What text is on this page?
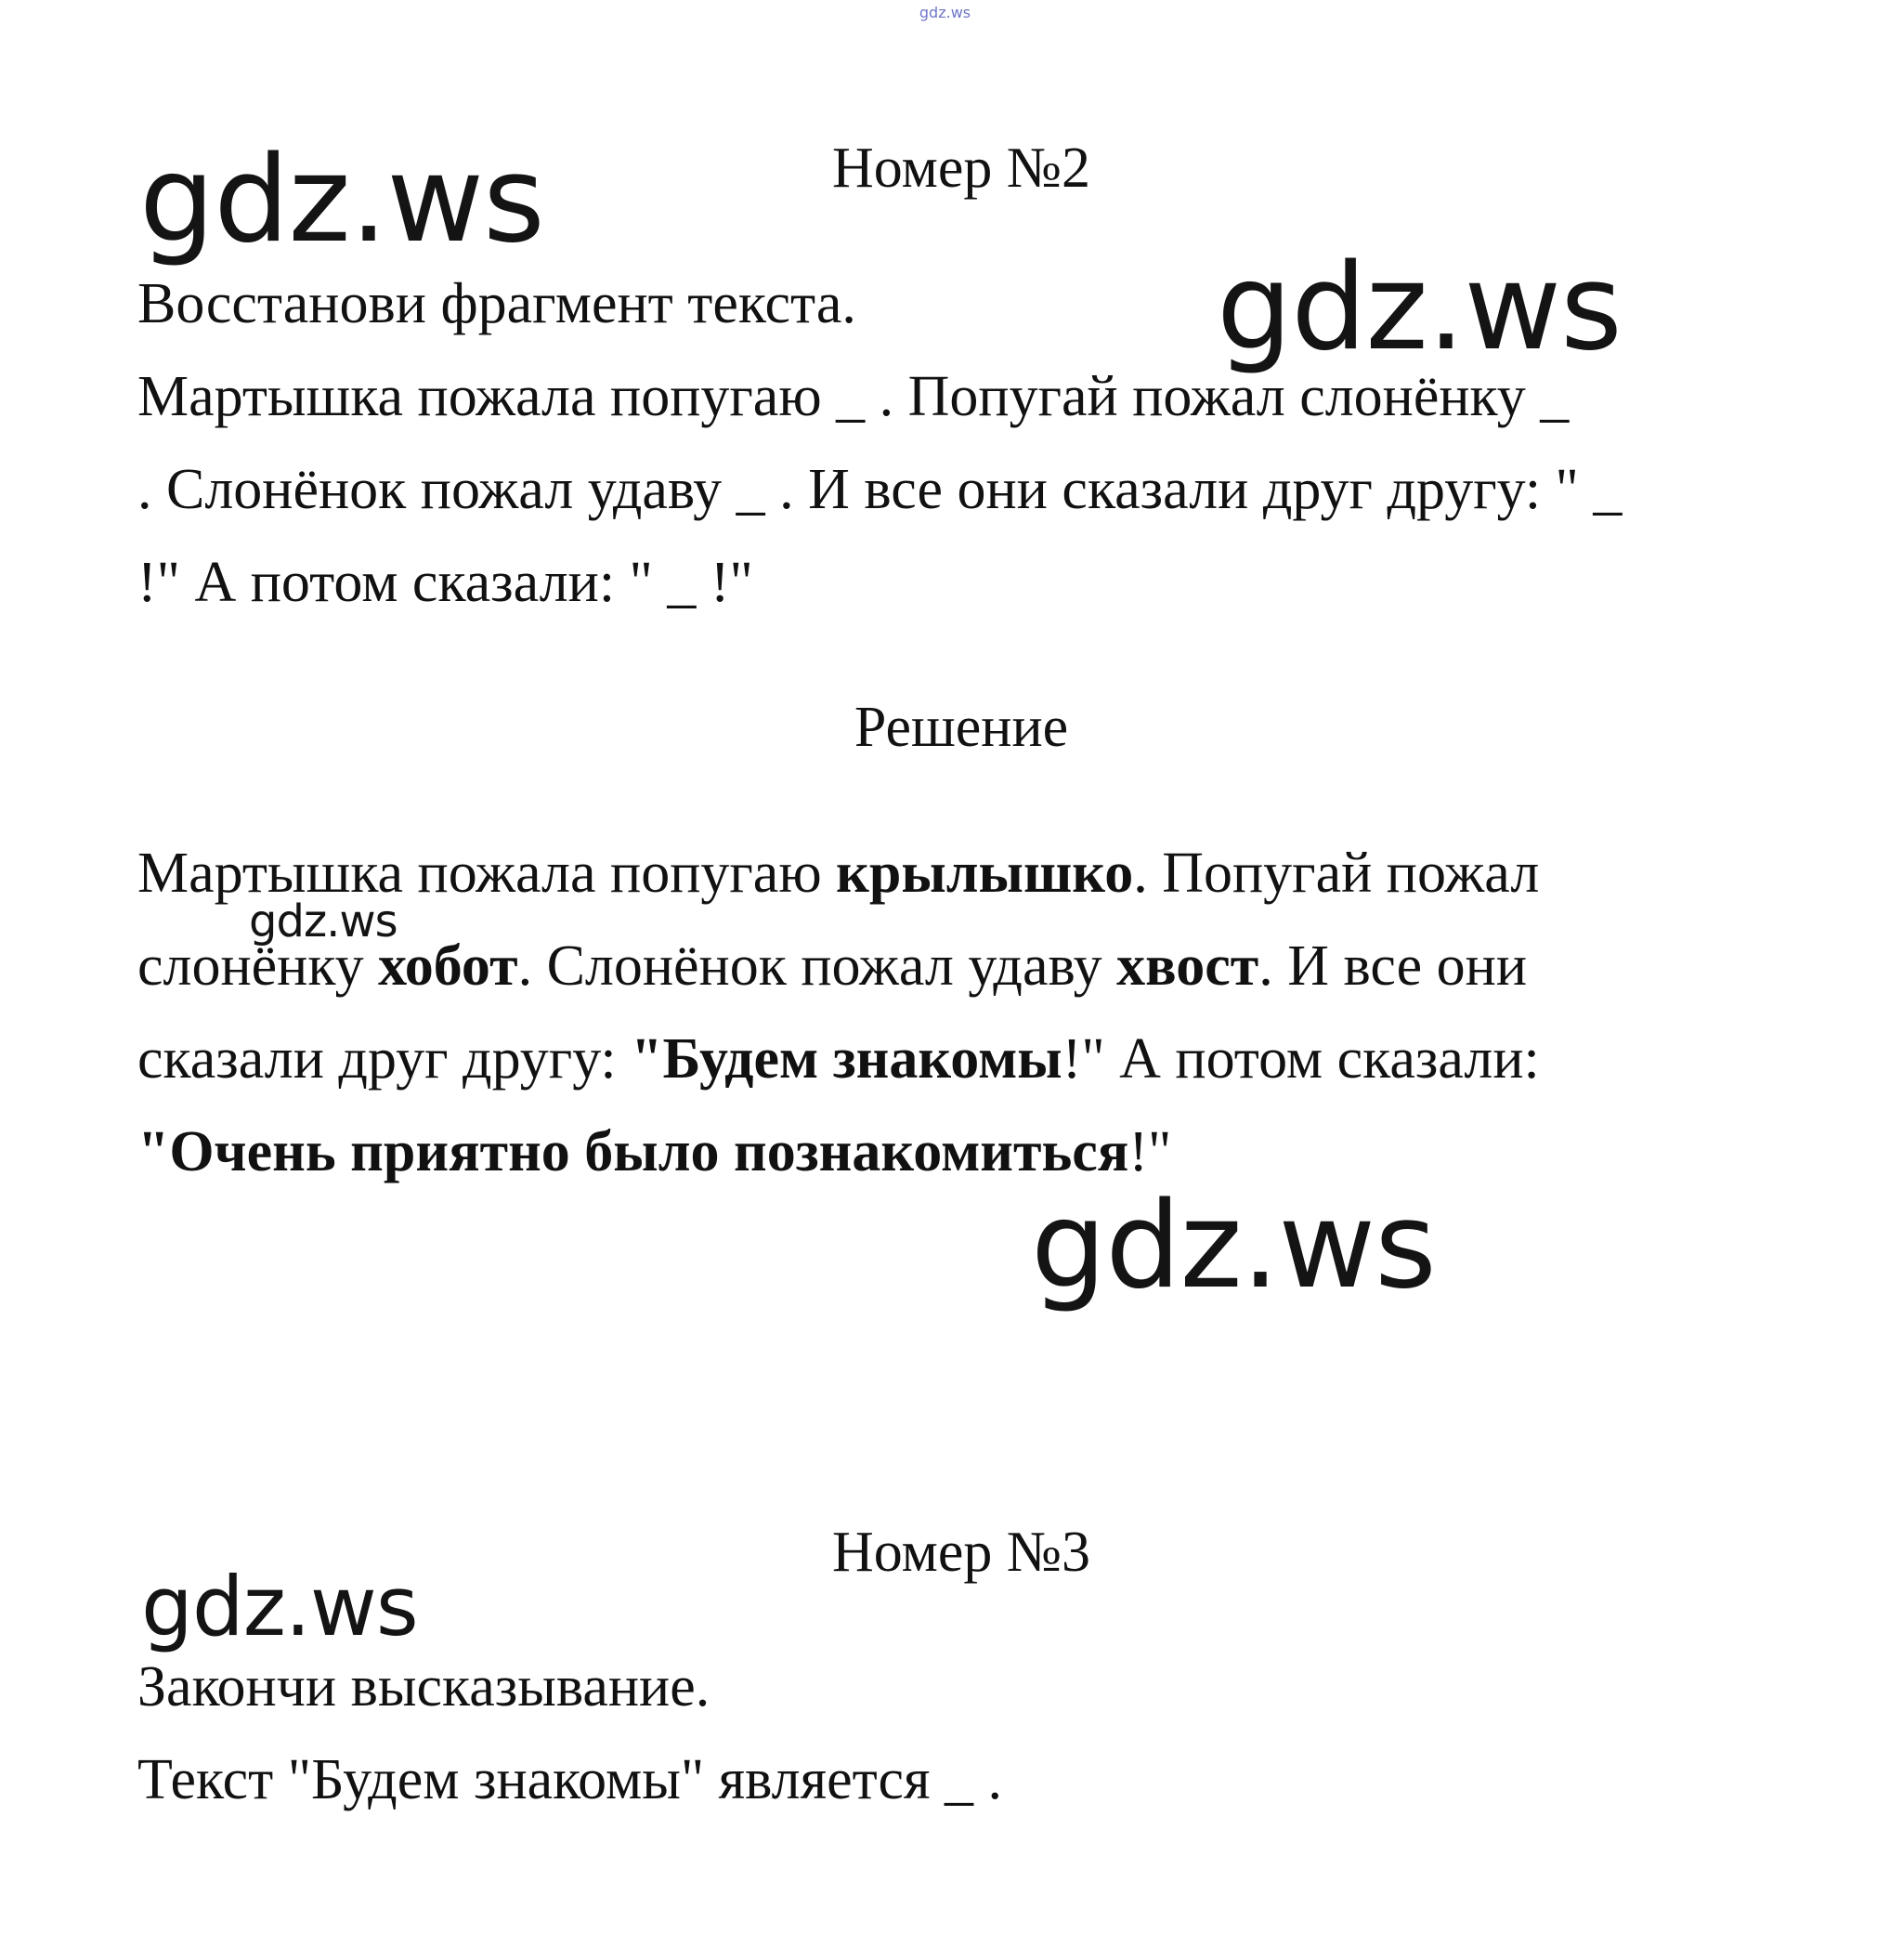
gdz.ws
Номер №2

Восстанови фрагмент текста.

Мартышка пожала попугаю _ . Попугай пожал слонёнку _

. Слонёнок пожал удаву _ . И все они сказали друг другу: " _

!" А потом сказали: " _ !"

Решение

Мартышка пожала попугаю крылышко. Попугай пожал

слонёнку хобот. Слонёнок пожал удаву хвост. И все они

сказали друг другу: "Будем знакомы!" А потом сказали:

"Очень приятно было познакомиться!"

Номер №3

Закончи высказывание.

Текст "Будем знакомы" является _ .

gdz.ws
gdz.ws
gdz.ws
gdz.ws
gdz.ws
